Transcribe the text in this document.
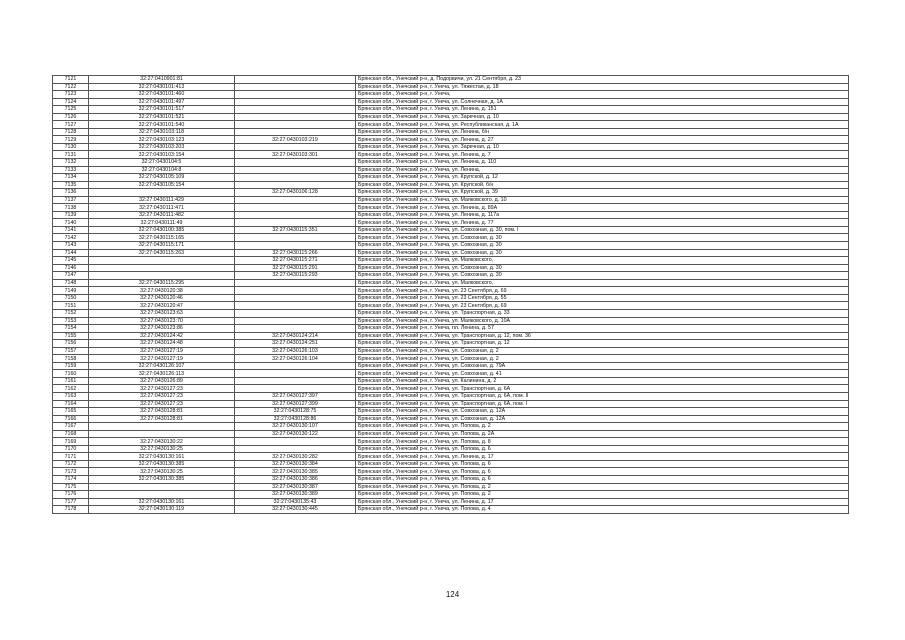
7121	32:27:0410901:81		Брянская обл., Унечский р-н, д. Подорвичи, ул. 21 Сентября, д. 23
7122	32:27:0430101:413		Брянская обл., Унечский р-н, г. Унеча, ул. Тяжестая, д. 18
7123	32:27:0430101:460		Брянская обл., Унечский р-н, г. Унеча,
7124	32:27:0430101:497		Брянская обл., Унечский р-н, г. Унеча, ул. Солнечная, д. 1А
7125	32:27:0430101:517		Брянская обл., Унечский р-н, г. Унеча, ул. Ленина, д. 151
7126	32:27:0430101:521		Брянская обл., Унечский р-н, г. Унеча, ул. Заречная, д. 10
7127	32:27:0430101:540		Брянская обл., Унечский р-н, г. Унеча, ул. Республиканская, д. 1А
7128	32:27:0430103:118		Брянская обл., Унечский р-н, г. Унеча, ул. Ленина, б/н
7129	32:27:0430103:123	32:27:0430103:219	Брянская обл., Унечский р-н, г. Унеча, ул. Ленина, д. 27
7130	32:27:0430103:203		Брянская обл., Унечский р-н, г. Унеча, ул. Заречная, д. 10
7131	32:27:0430103:154	32:27:0430103:301	Брянская обл., Унечский р-н, г. Унеча, ул. Ленина, д. 7
7132	32:27:0430104:5		Брянская обл., Унечский р-н, г. Унеча, ул. Ленина, д. 110
7133	32:27:0430104:8		Брянская обл., Унечский р-н, г. Унеча, ул. Ленина,
7134	32:27:0430105:109		Брянская обл., Унечский р-н, г. Унеча, ул. Крупской, д. 12
7135	32:27:0430105:154		Брянская обл., Унечский р-н, г. Унеча, ул. Крупской, б/н
7136		32:27:0430106:128	Брянская обл., Унечский р-н, г. Унеча, ул. Крупской, д. 39
7137	32:27:0430111:429		Брянская обл., Унечский р-н, г. Унеча, ул. Маяковского, д. 10
7138	32:27:0430111:471		Брянская обл., Унечский р-н, г. Унеча, ул. Ленина, д. 89А
7139	32:27:0430111:482		Брянская обл., Унечский р-н, г. Унеча, ул. Ленина, д. 117а
7140	32:27:0430111:49		Брянская обл., Унечский р-н, г. Унеча, ул. Ленина, д. 77
7141	32:27:0430100:385	32:27:0430115:351	Брянская обл., Унечский р-н, г. Унеча, ул. Совхозная, д. 30, пом. I
7142	32:27:0430115:165		Брянская обл., Унечский р-н, г. Унеча, ул. Совхозная, д. 30
7143	32:27:0430115:171		Брянская обл., Унечский р-н, г. Унеча, ул. Совхозная, д. 30
7144	32:27:0430115:263	32:27:0430115:266	Брянская обл., Унечский р-н, г. Унеча, ул. Совхозная, д. 30
7145		32:27:0430115:271	Брянская обл., Унечский р-н, г. Унеча, ул. Маяковского,
7146		32:27:0430115:291	Брянская обл., Унечский р-н, г. Унеча, ул. Совхозная, д. 30
7147		32:27:0430115:293	Брянская обл., Унечский р-н, г. Унеча, ул. Совхозная, д. 30
7148	32:27:0430115:295		Брянская обл., Унечский р-н, г. Унеча, ул. Маяковского,
7149	32:27:0430120:38		Брянская обл., Унечский р-н, г. Унеча, ул. 23 Сентября, д. 69
7150	32:27:0430120:46		Брянская обл., Унечский р-н, г. Унеча, ул. 23 Сентября, д. 55
7151	32:27:0430120:47		Брянская обл., Унечский р-н, г. Унеча, ул. 23 Сентября, д. 69
7152	32:27:0430123:63		Брянская обл., Унечский р-н, г. Унеча, ул. Транспортная, д. 33
7153	32:27:0430123:70		Брянская обл., Унечский р-н, г. Унеча, ул. Маяковского, д. 10А
7154	32:27:0430123:86		Брянская обл., Унечский р-н, г. Унеча, пл. Ленина, д. 57
7155	32:27:0430124:42	32:27:0430124:214	Брянская обл., Унечский р-н, г. Унеча, ул. Транспортная, д. 12, пом. 36
7156	32:27:0430124:48	32:27:0430124:251	Брянская обл., Унечский р-н, г. Унеча, ул. Транспортная, д. 12
7157	32:27:0430127:19	32:27:0430126:103	Брянская обл., Унечский р-н, г. Унеча, ул. Совхозная, д. 2
7158	32:27:0430127:19	32:27:0430126:104	Брянская обл., Унечский р-н, г. Унеча, ул. Совхозная, д. 2
7159	32:27:0430126:107		Брянская обл., Унечский р-н, г. Унеча, ул. Совхозная, д. 79А
7160	32:27:0430126:113		Брянская обл., Унечский р-н, г. Унеча, ул. Совхозная, д. 41
7161	32:27:0430126:89		Брянская обл., Унечский р-н, г. Унеча, ул. Калинина, д. 2
7162	32:27:0430127:23		Брянская обл., Унечский р-н, г. Унеча, ул. Транспортная, д. 6А
7163	32:27:0430127:23	32:27:0430127:397	Брянская обл., Унечский р-н, г. Унеча, ул. Транспортная, д. 6А, пом. II
7164	32:27:0430127:23	32:27:0430127:399	Брянская обл., Унечский р-н, г. Унеча, ул. Транспортная, д. 6А, пом. I
7165	32:27:0430128:81	32:27:0430128:75	Брянская обл., Унечский р-н, г. Унеча, ул. Совхозная, д. 12А
7166	32:27:0430128:81	32:27:0430128:86	Брянская обл., Унечский р-н, г. Унеча, ул. Совхозная, д. 12А
7167		32:27:0430130:107	Брянская обл., Унечский р-н, г. Унеча, ул. Попова, д. 2
7168		32:27:0430130:122	Брянская обл., Унечский р-н, г. Унеча, ул. Попова, д. 2А
7169	32:27:0430130:22		Брянская обл., Унечский р-н, г. Унеча, ул. Попова, д. 8
7170	32:27:0430130:25		Брянская обл., Унечский р-н, г. Унеча, ул. Попова, д. 6
7171	32:27:0430130:161	32:27:0430130:282	Брянская обл., Унечский р-н, г. Унеча, ул. Ленина, д. 17
7172	32:27:0430130:385	32:27:0430130:384	Брянская обл., Унечский р-н, г. Унеча, ул. Попова, д. 6
7173	32:27:0430130:25	32:27:0430130:385	Брянская обл., Унечский р-н, г. Унеча, ул. Попова, д. 6
7174	32:27:0430130:385	32:27:0430130:386	Брянская обл., Унечский р-н, г. Унеча, ул. Попова, д. 6
7175		32:27:0430130:387	Брянская обл., Унечский р-н, г. Унеча, ул. Попова, д. 2
7176		32:27:0430130:389	Брянская обл., Унечский р-н, г. Унеча, ул. Попова, д. 2
7177	32:27:0430130:161	32:27:0430135:43	Брянская обл., Унечский р-н, г. Унеча, ул. Ленина, д. 17
7178	32:27:0430130:119	32:27:0430130:445	Брянская обл., Унечский р-н, г. Унеча, ул. Попова, д. 4
124
